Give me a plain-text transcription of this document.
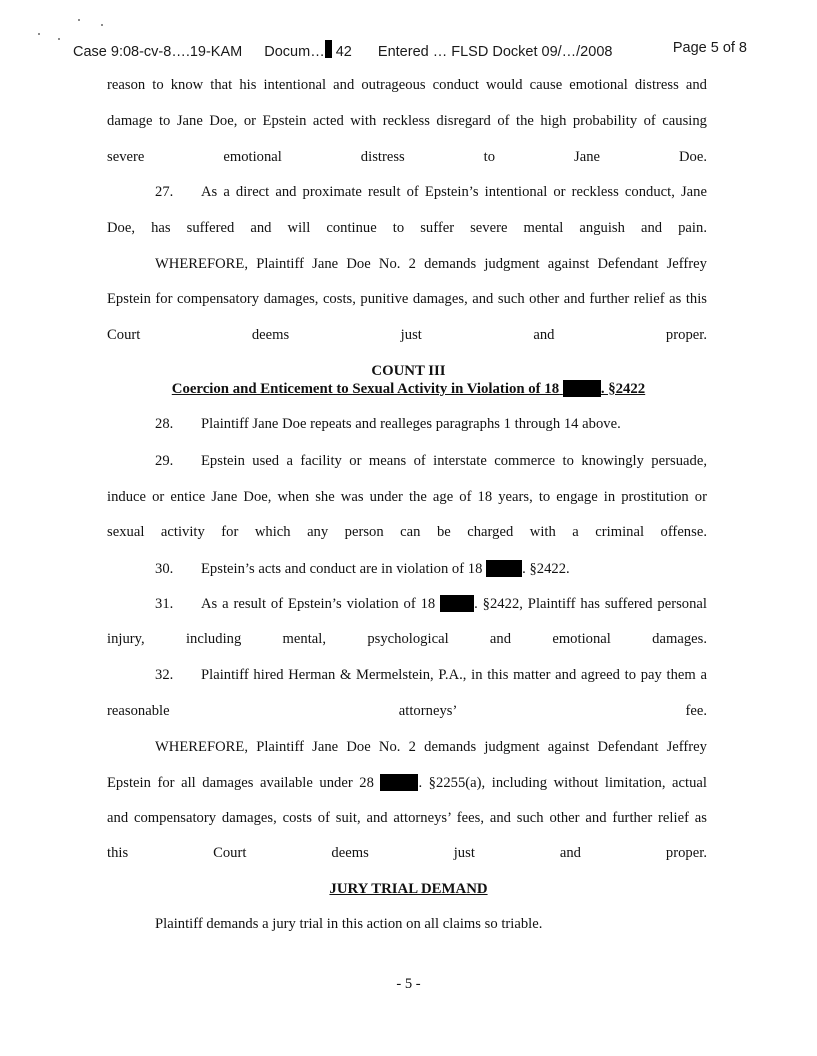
Case 9:08-cv-8….19-KAM Docum… 42 Entered … FLSD Docket 09/…/2008	Page 5 of 8
reason to know that his intentional and outrageous conduct would cause emotional distress and
damage to Jane Doe, or Epstein acted with reckless disregard of the high probability of causing
severe emotional distress to Jane Doe.
27. As a direct and proximate result of Epstein’s intentional or reckless conduct, Jane
Doe, has suffered and will continue to suffer severe mental anguish and pain.
WHEREFORE, Plaintiff Jane Doe No. 2 demands judgment against Defendant Jeffrey
Epstein for compensatory damages, costs, punitive damages, and such other and further relief as this
Court deems just and proper.
COUNT III
Coercion and Enticement to Sexual Activity in Violation of 18	. §2422
28. Plaintiff Jane Doe repeats and realleges paragraphs 1 through 14 above.
29. Epstein used a facility or means of interstate commerce to knowingly persuade,
induce or entice Jane Doe, when she was under the age of 18 years, to engage in prostitution or
sexual activity for which any person can be charged with a criminal offense.
30. Epstein’s acts and conduct are in violation of 18	. §2422.
31. As a result of Epstein’s violation of 18	. §2422, Plaintiff has suffered personal
injury, including mental, psychological and emotional damages.
32. Plaintiff hired Herman & Mermelstein, P.A., in this matter and agreed to pay them a
reasonable attorneys’ fee.
WHEREFORE, Plaintiff Jane Doe No. 2 demands judgment against Defendant Jeffrey
Epstein for all damages available under 28	. §2255(a), including without limitation, actual
and compensatory damages, costs of suit, and attorneys’ fees, and such other and further relief as
this Court deems just and proper.
JURY TRIAL DEMAND
Plaintiff demands a jury trial in this action on all claims so triable.
- 5 -
